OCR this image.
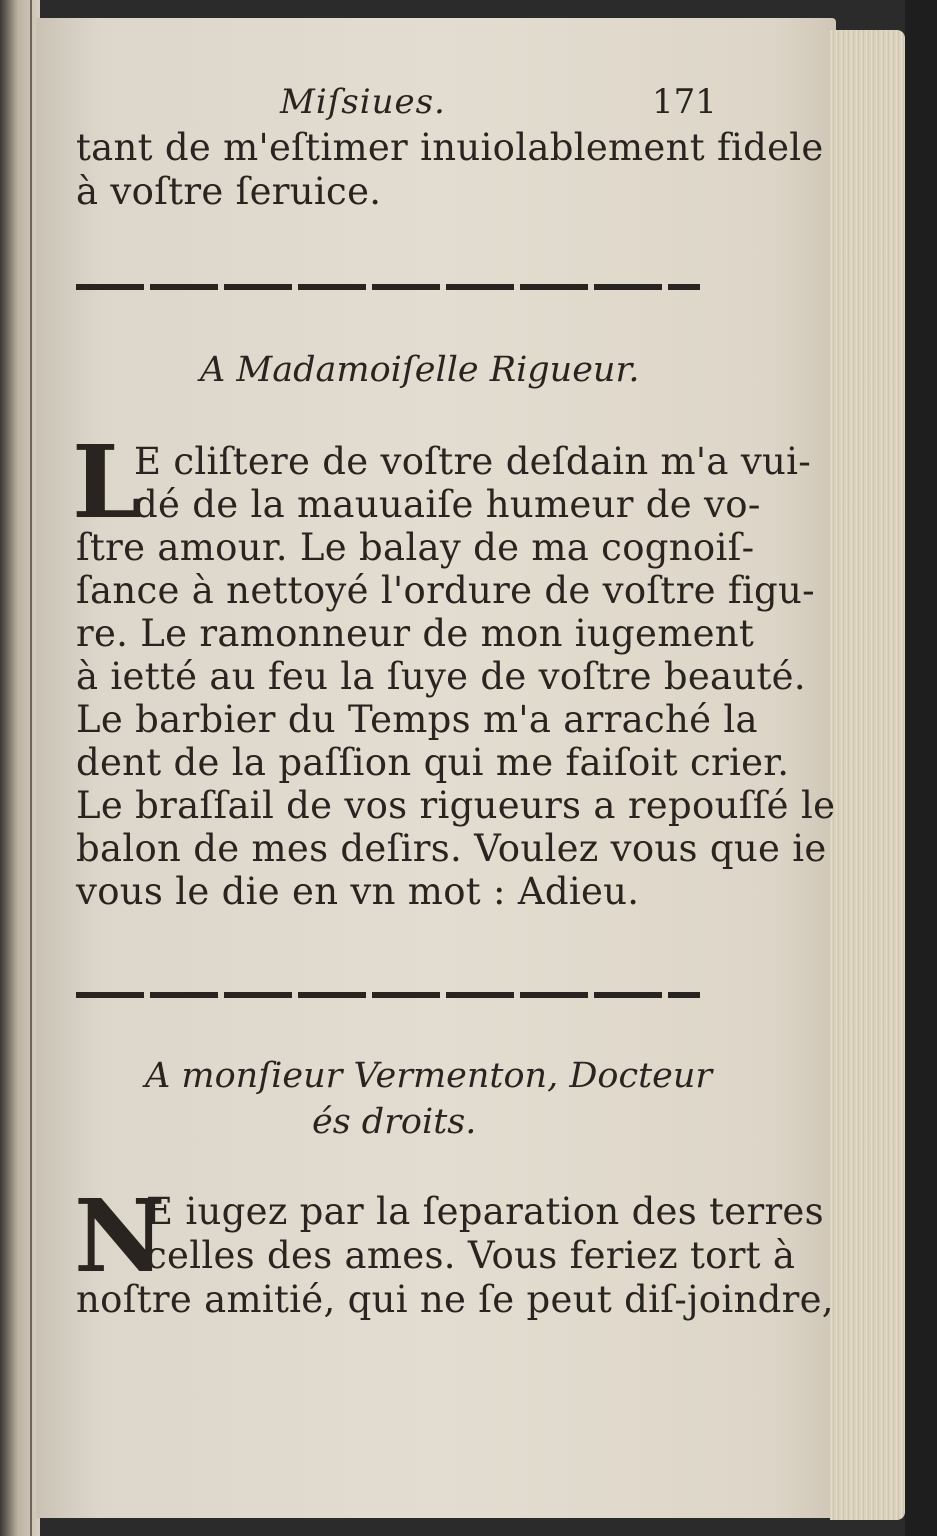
Miſsiues.	171
tant de m'eſtimer inuiolablement fidele
à voſtre ſeruice.
A Madamoiſelle Rigueur.
L
E cliſtere de voſtre deſdain m'a vui-
dé de la mauuaiſe humeur de vo-
ſtre amour. Le balay de ma cognoiſ-
ſance à nettoyé l'ordure de voſtre figu-
re. Le ramonneur de mon iugement
à ietté au feu la ſuye de voſtre beauté.
Le barbier du Temps m'a arraché la
dent de la paſſion qui me faiſoit crier.
Le braſſail de vos rigueurs a repouſſé le
balon de mes deſirs. Voulez vous que ie
vous le die en vn mot : Adieu.
A monſieur Vermenton, Docteur
és droits.
N
E iugez par la ſeparation des terres
celles des ames. Vous feriez tort à
noſtre amitié, qui ne ſe peut diſ-joindre,
